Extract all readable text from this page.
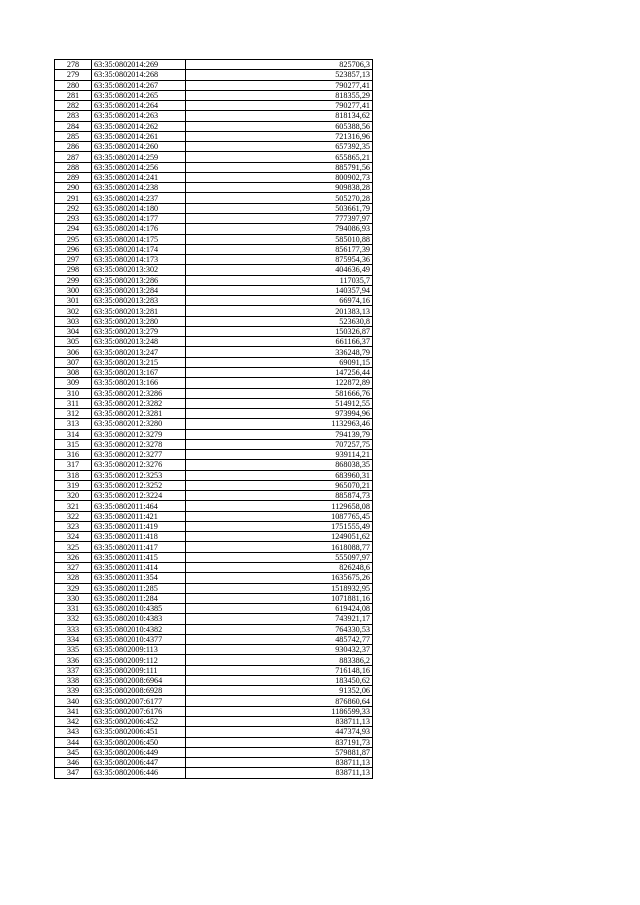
278	63:35:0802014:269	825706,3
279	63:35:0802014:268	523857,13
280	63:35:0802014:267	790277,41
281	63:35:0802014:265	818355,29
282	63:35:0802014:264	790277,41
283	63:35:0802014:263	818134,62
284	63:35:0802014:262	605388,56
285	63:35:0802014:261	721316,96
286	63:35:0802014:260	657392,35
287	63:35:0802014:259	655865,21
288	63:35:0802014:256	885791,56
289	63:35:0802014:241	800902,73
290	63:35:0802014:238	909838,28
291	63:35:0802014:237	505270,28
292	63:35:0802014:180	503661,79
293	63:35:0802014:177	777397,97
294	63:35:0802014:176	794086,93
295	63:35:0802014:175	585010,88
296	63:35:0802014:174	856177,39
297	63:35:0802014:173	875954,36
298	63:35:0802013:302	404636,49
299	63:35:0802013:286	117035,7
300	63:35:0802013:284	140357,94
301	63:35:0802013:283	66974,16
302	63:35:0802013:281	201383,13
303	63:35:0802013:280	523630,8
304	63:35:0802013:279	150326,87
305	63:35:0802013:248	661166,37
306	63:35:0802013:247	336248,79
307	63:35:0802013:215	69091,15
308	63:35:0802013:167	147256,44
309	63:35:0802013:166	122872,89
310	63:35:0802012:3286	581666,76
311	63:35:0802012:3282	514912,55
312	63:35:0802012:3281	973994,96
313	63:35:0802012:3280	1132963,46
314	63:35:0802012:3279	794139,79
315	63:35:0802012:3278	707257,75
316	63:35:0802012:3277	939114,21
317	63:35:0802012:3276	868038,35
318	63:35:0802012:3253	683960,31
319	63:35:0802012:3252	965070,21
320	63:35:0802012:3224	885874,73
321	63:35:0802011:464	1129658,08
322	63:35:0802011:421	1087765,45
323	63:35:0802011:419	1751555,49
324	63:35:0802011:418	1249051,62
325	63:35:0802011:417	1618088,77
326	63:35:0802011:415	555097,97
327	63:35:0802011:414	826248,6
328	63:35:0802011:354	1635675,26
329	63:35:0802011:285	1518932,95
330	63:35:0802011:284	1071881,16
331	63:35:0802010:4385	619424,08
332	63:35:0802010:4383	743921,17
333	63:35:0802010:4382	764330,53
334	63:35:0802010:4377	485742,77
335	63:35:0802009:113	930432,37
336	63:35:0802009:112	883386,2
337	63:35:0802009:111	716148,16
338	63:35:0802008:6964	183450,62
339	63:35:0802008:6928	91352,06
340	63:35:0802007:6177	876860,64
341	63:35:0802007:6176	1186599,33
342	63:35:0802006:452	838711,13
343	63:35:0802006:451	447374,93
344	63:35:0802006:450	837191,73
345	63:35:0802006:449	579881,87
346	63:35:0802006:447	838711,13
347	63:35:0802006:446	838711,13
